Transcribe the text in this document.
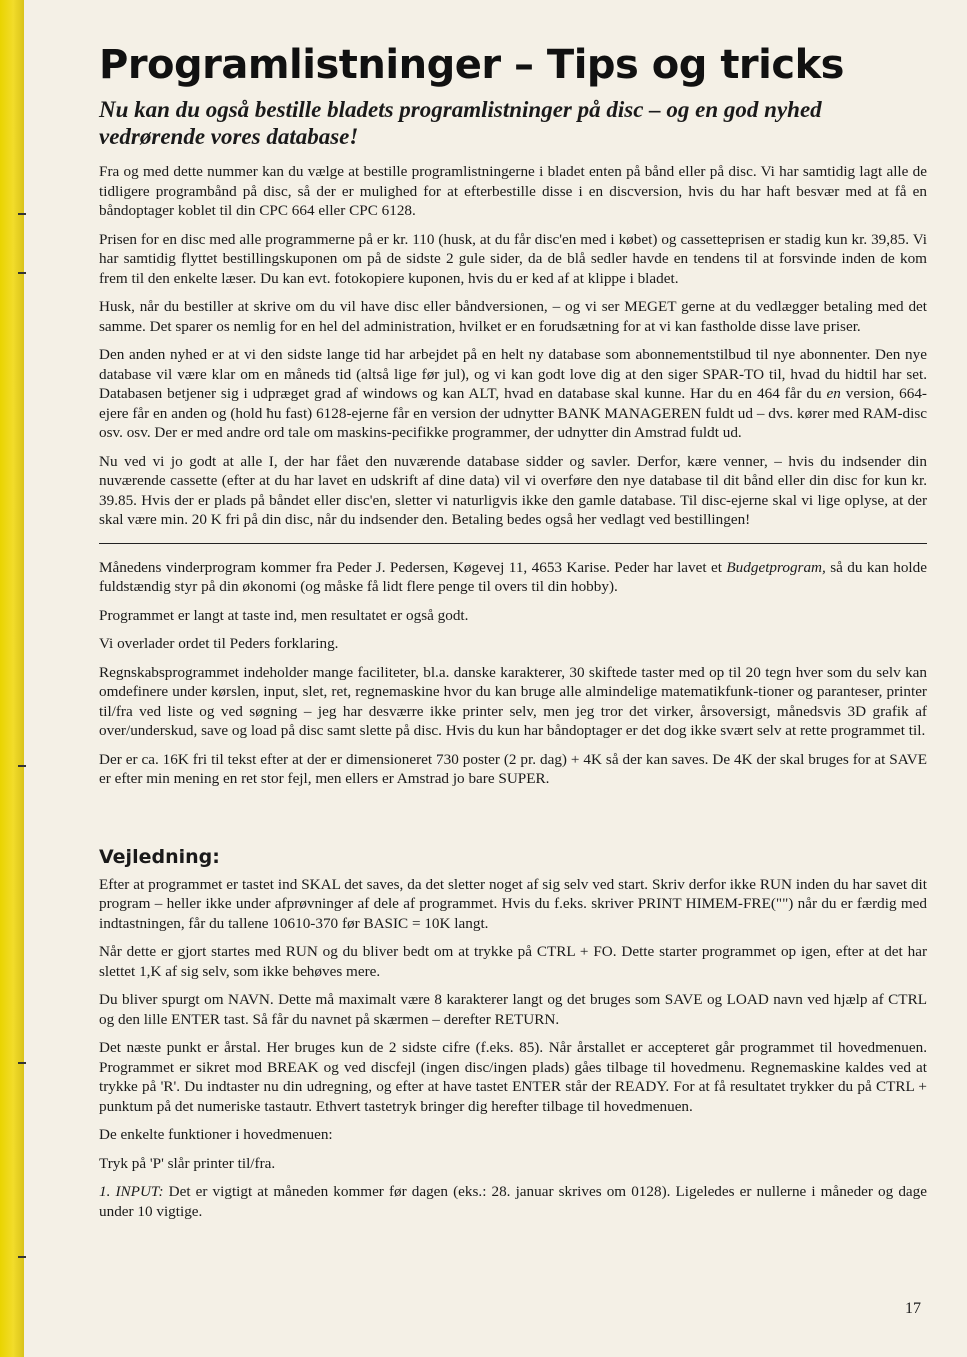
Programlistninger – Tips og tricks
Nu kan du også bestille bladets programlistninger på disc – og en god nyhed vedrørende vores database!

Fra og med dette nummer kan du vælge at bestille programlistningerne i bladet enten på bånd eller på disc. Vi har samtidig lagt alle de tidligere programbånd på disc, så der er mulighed for at efterbestille disse i en discversion, hvis du har haft besvær med at få en båndoptager koblet til din CPC 664 eller CPC 6128.

Prisen for en disc med alle programmerne på er kr. 110 (husk, at du får disc'en med i købet) og cassetteprisen er stadig kun kr. 39,85. Vi har samtidig flyttet bestillingskuponen om på de sidste 2 gule sider, da de blå sedler havde en tendens til at forsvinde inden de kom frem til den enkelte læser. Du kan evt. fotokopiere kuponen, hvis du er ked af at klippe i bladet.

Husk, når du bestiller at skrive om du vil have disc eller båndversionen, – og vi ser MEGET gerne at du vedlægger betaling med det samme. Det sparer os nemlig for en hel del administration, hvilket er en forudsætning for at vi kan fastholde disse lave priser.

Den anden nyhed er at vi den sidste lange tid har arbejdet på en helt ny database som abonnementstilbud til nye abonnenter. Den nye database vil være klar om en måneds tid (altså lige før jul), og vi kan godt love dig at den siger SPAR-TO til, hvad du hidtil har set. Databasen betjener sig i udpræget grad af windows og kan ALT, hvad en database skal kunne. Har du en 464 får du en version, 664-ejere får en anden og (hold ħu fast) 6128-ejerne får en version der udnytter BANK MANAGEREN fuldt ud – dvs. kører med RAM-disc osv. osv. Der er med andre ord tale om maskins-pecifikke programmer, der udnytter din Amstrad fuldt ud.

Nu ved vi jo godt at alle I, der har fået den nuværende database sidder og savler. Derfor, kære venner, – hvis du indsender din nuværende cassette (efter at du har lavet en udskrift af dine data) vil vi overføre den nye database til dit bånd eller din disc for kun kr. 39.85. Hvis der er plads på båndet eller disc'en, sletter vi naturligvis ikke den gamle database. Til disc-ejerne skal vi lige oplyse, at der skal være min. 20 K fri på din disc, når du indsender den. Betaling bedes også her vedlagt ved bestillingen!

Månedens vinderprogram kommer fra Peder J. Pedersen, Køgevej 11, 4653 Karise. Peder har lavet et Budgetprogram, så du kan holde fuldstændig styr på din økonomi (og måske få lidt flere penge til overs til din hobby).

Programmet er langt at taste ind, men resultatet er også godt.

Vi overlader ordet til Peders forklaring.

Regnskabsprogrammet indeholder mange faciliteter, bl.a. danske karakterer, 30 skiftede taster med op til 20 tegn hver som du selv kan omdefinere under kørslen, input, slet, ret, regnemaskine hvor du kan bruge alle almindelige matematikfunk-tioner og paranteser, printer til/fra ved liste og ved søgning – jeg har desværre ikke printer selv, men jeg tror det virker, årsoversigt, månedsvis 3D grafik af over/underskud, save og load på disc samt slette på disc. Hvis du kun har båndoptager er det dog ikke svært selv at rette programmet til.

Der er ca. 16K fri til tekst efter at der er dimensioneret 730 poster (2 pr. dag) + 4K så der kan saves. De 4K der skal bruges for at SAVE er efter min mening en ret stor fejl, men ellers er Amstrad jo bare SUPER.

Vejledning:

Efter at programmet er tastet ind SKAL det saves, da det sletter noget af sig selv ved start. Skriv derfor ikke RUN inden du har savet dit program – heller ikke under afprøvninger af dele af programmet. Hvis du f.eks. skriver PRINT HIMEM-FRE("") når du er færdig med indtastningen, får du tallene 10610-370 før BASIC = 10K langt.

Når dette er gjort startes med RUN og du bliver bedt om at trykke på CTRL + FO. Dette starter programmet op igen, efter at det har slettet 1,K af sig selv, som ikke behøves mere.

Du bliver spurgt om NAVN. Dette må maximalt være 8 karakterer langt og det bruges som SAVE og LOAD navn ved hjælp af CTRL og den lille ENTER tast. Så får du navnet på skærmen – derefter RETURN.

Det næste punkt er årstal. Her bruges kun de 2 sidste cifre (f.eks. 85). Når årstallet er accepteret går programmet til hovedmenuen. Programmet er sikret mod BREAK og ved discfejl (ingen disc/ingen plads) gåes tilbage til hovedmenu. Regnemaskine kaldes ved at trykke på 'R'. Du indtaster nu din udregning, og efter at have tastet ENTER står der READY. For at få resultatet trykker du på CTRL + punktum på det numeriske tastautr. Ethvert tastetryk bringer dig herefter tilbage til hovedmenuen.

De enkelte funktioner i hovedmenuen:

Tryk på 'P' slår printer til/fra.

1. INPUT: Det er vigtigt at måneden kommer før dagen (eks.: 28. januar skrives om 0128). Ligeledes er nullerne i måneder og dage under 10 vigtige.

17
